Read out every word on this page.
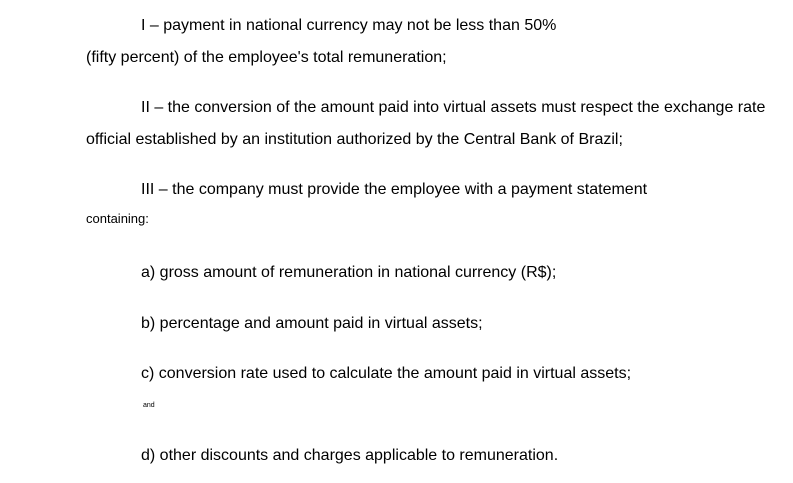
I – payment in national currency may not be less than 50%
(fifty percent) of the employee's total remuneration;
II – the conversion of the amount paid into virtual assets must respect the exchange rate
official established by an institution authorized by the Central Bank of Brazil;
III – the company must provide the employee with a payment statement
containing:
a) gross amount of remuneration in national currency (R$);
b) percentage and amount paid in virtual assets;
c) conversion rate used to calculate the amount paid in virtual assets;
and
d) other discounts and charges applicable to remuneration.
